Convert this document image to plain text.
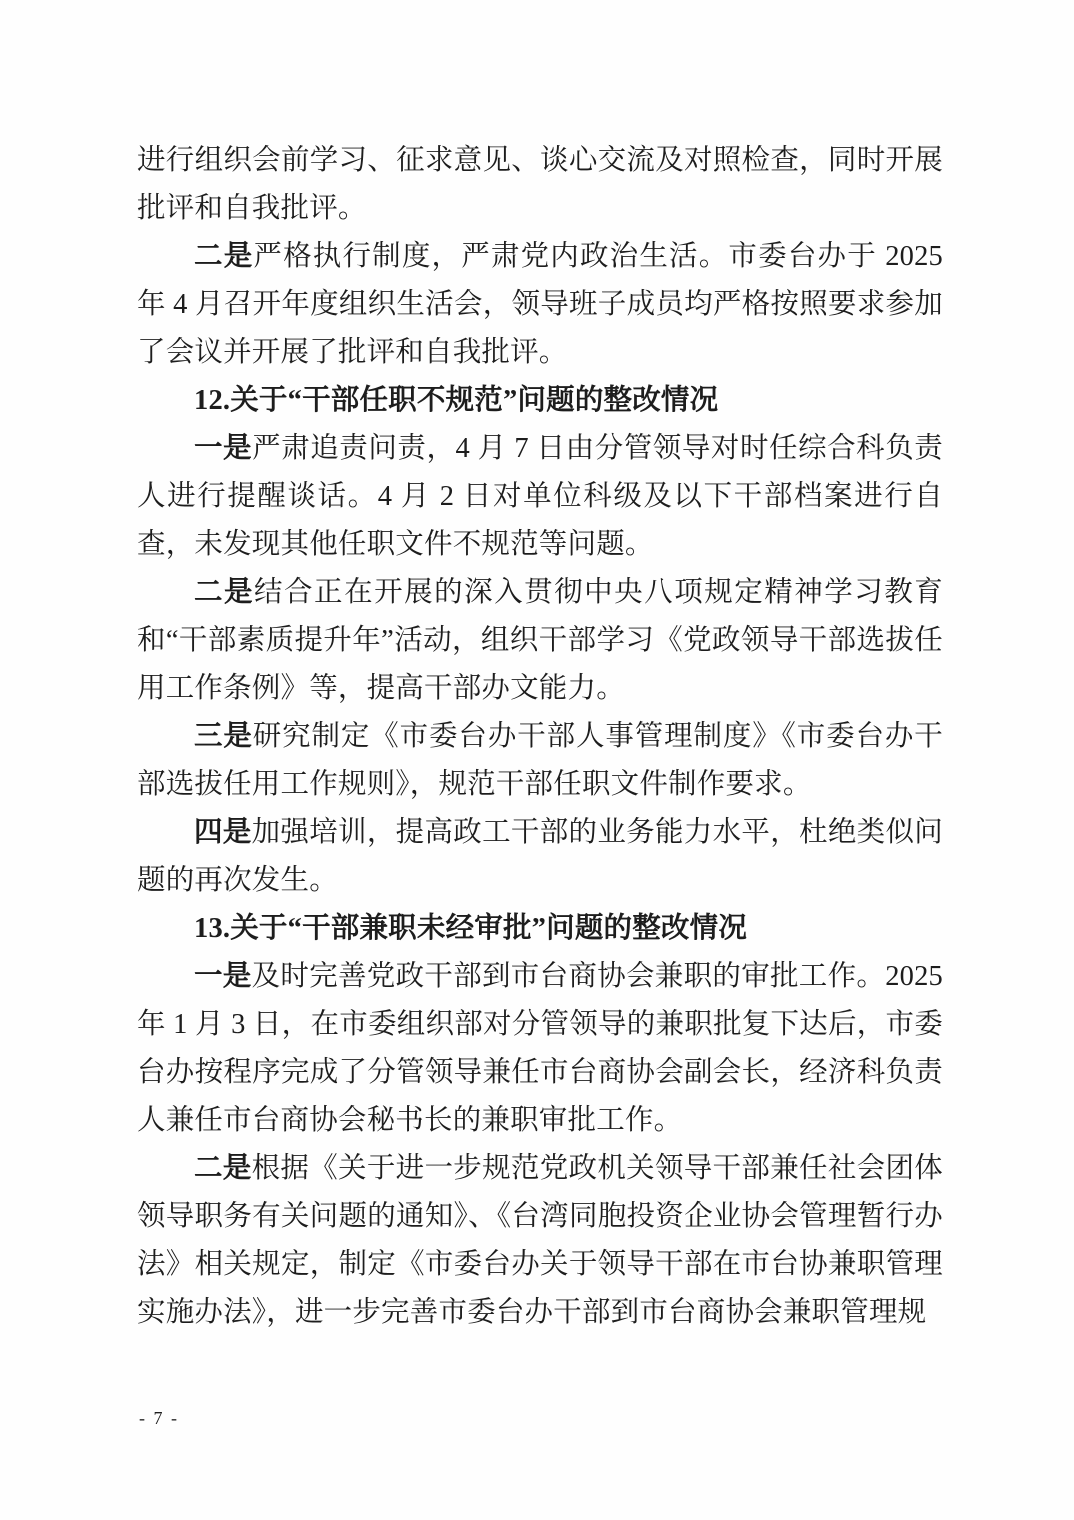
进行组织会前学习、征求意见、谈心交流及对照检查，同时开展批评和自我批评。

二是严格执行制度，严肃党内政治生活。市委台办于 2025 年 4 月召开年度组织生活会，领导班子成员均严格按照要求参加了会议并开展了批评和自我批评。

12.关于“干部任职不规范”问题的整改情况

一是严肃追责问责，4 月 7 日由分管领导对时任综合科负责人进行提醒谈话。4 月 2 日对单位科级及以下干部档案进行自查，未发现其他任职文件不规范等问题。

二是结合正在开展的深入贯彻中央八项规定精神学习教育和“干部素质提升年”活动，组织干部学习《党政领导干部选拔任用工作条例》等，提高干部办文能力。

三是研究制定《市委台办干部人事管理制度》《市委台办干部选拔任用工作规则》，规范干部任职文件制作要求。

四是加强培训，提高政工干部的业务能力水平，杜绝类似问题的再次发生。

13.关于“干部兼职未经审批”问题的整改情况

一是及时完善党政干部到市台商协会兼职的审批工作。2025 年 1 月 3 日，在市委组织部对分管领导的兼职批复下达后，市委台办按程序完成了分管领导兼任市台商协会副会长，经济科负责人兼任市台商协会秘书长的兼职审批工作。

二是根据《关于进一步规范党政机关领导干部兼任社会团体领导职务有关问题的通知》、《台湾同胞投资企业协会管理暂行办法》相关规定，制定《市委台办关于领导干部在市台协兼职管理实施办法》，进一步完善市委台办干部到市台商协会兼职管理规

- 7 -
